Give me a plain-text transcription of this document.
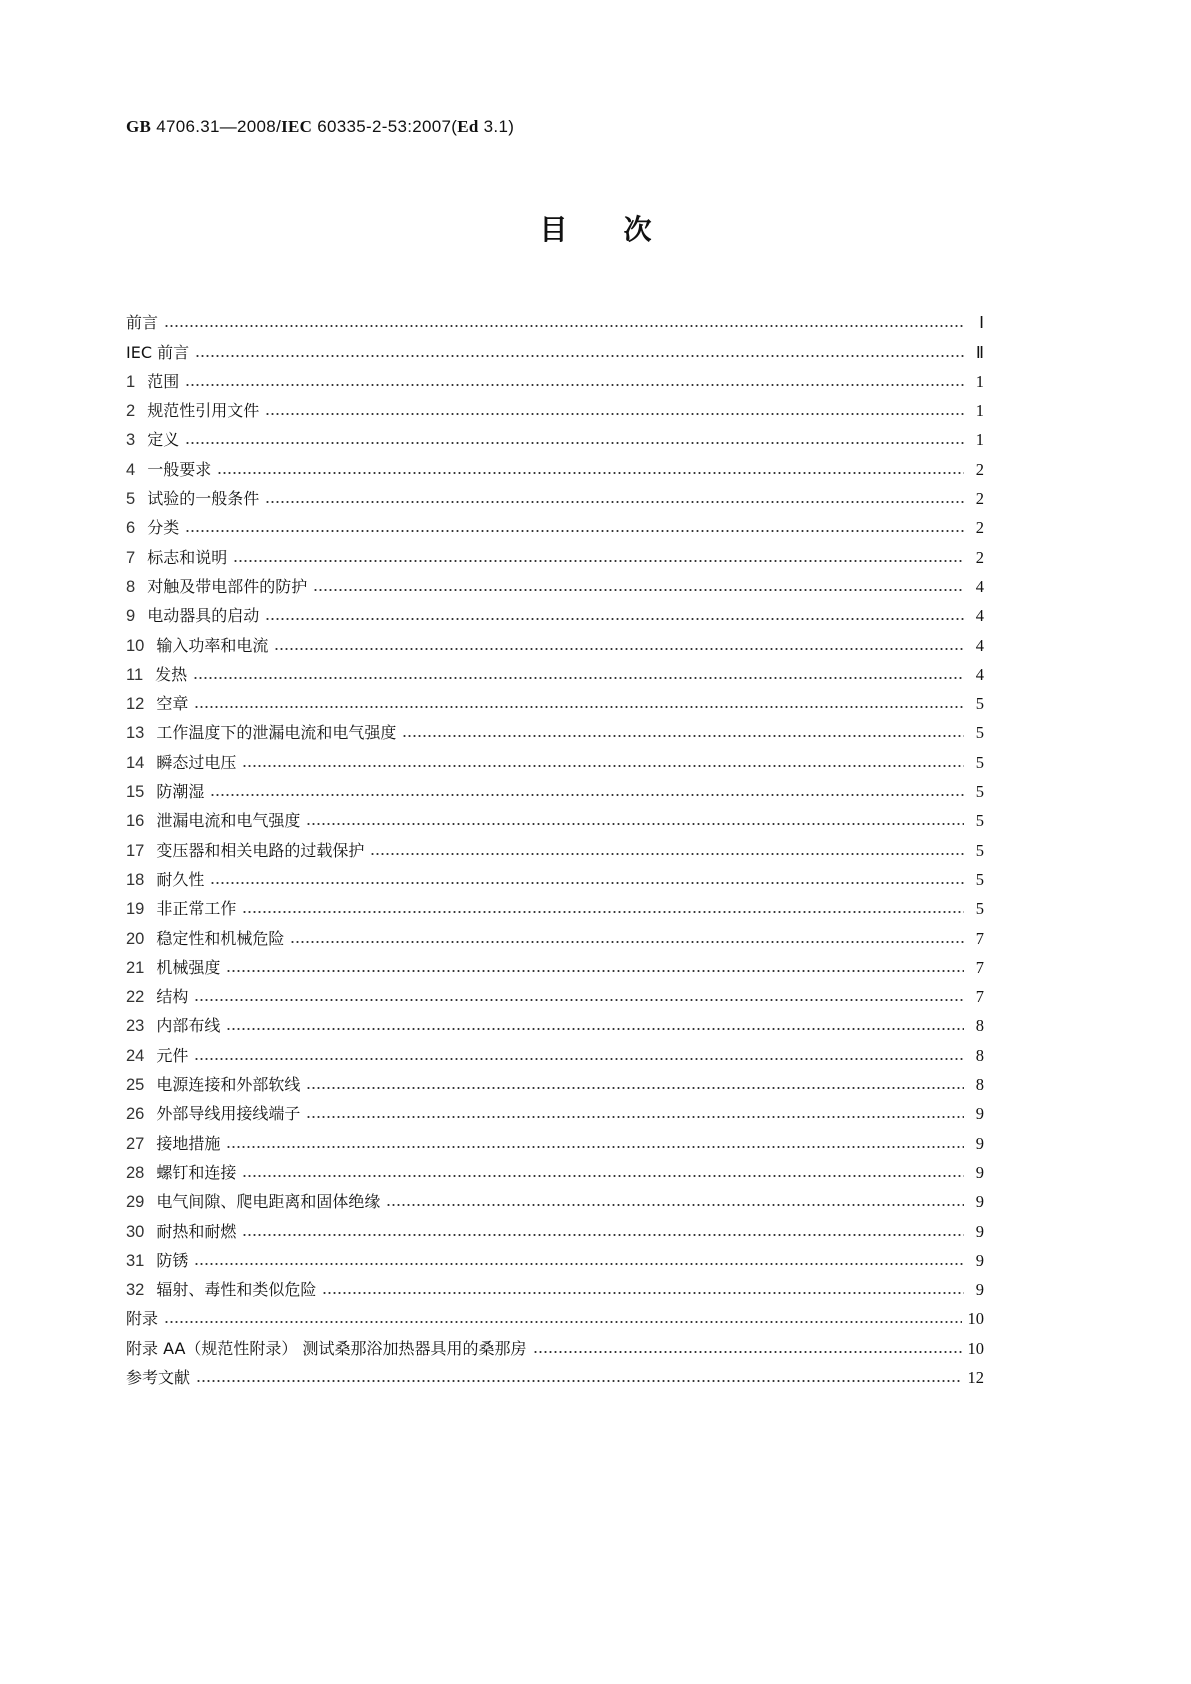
GB 4706.31—2008/IEC 60335-2-53:2007(Ed 3.1)
目次
前言	Ⅰ
IEC 前言	Ⅱ
1 范围	1
2 规范性引用文件	1
3 定义	1
4 一般要求	2
5 试验的一般条件	2
6 分类	2
7 标志和说明	2
8 对触及带电部件的防护	4
9 电动器具的启动	4
10 输入功率和电流	4
11 发热	4
12 空章	5
13 工作温度下的泄漏电流和电气强度	5
14 瞬态过电压	5
15 防潮湿	5
16 泄漏电流和电气强度	5
17 变压器和相关电路的过载保护	5
18 耐久性	5
19 非正常工作	5
20 稳定性和机械危险	7
21 机械强度	7
22 结构	7
23 内部布线	8
24 元件	8
25 电源连接和外部软线	8
26 外部导线用接线端子	9
27 接地措施	9
28 螺钉和连接	9
29 电气间隙、爬电距离和固体绝缘	9
30 耐热和耐燃	9
31 防锈	9
32 辐射、毒性和类似危险	9
附录	10
附录 AA（规范性附录） 测试桑那浴加热器具用的桑那房	10
参考文献	12
